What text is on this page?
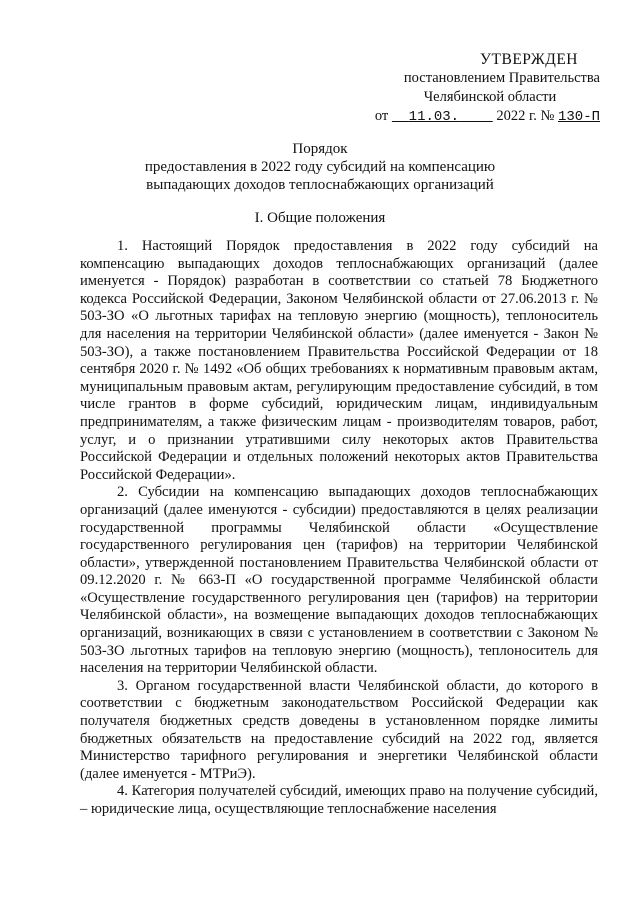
УТВЕРЖДЕН
постановлением Правительства
Челябинской области
от 11.03.	2022 г. № 130-П
Порядок
предоставления в 2022 году субсидий на компенсацию
выпадающих доходов теплоснабжающих организаций
I. Общие положения

1. Настоящий Порядок предоставления в 2022 году субсидий на компенсацию выпадающих доходов теплоснабжающих организаций (далее именуется - Порядок) разработан в соответствии со статьей 78 Бюджетного кодекса Российской Федерации, Законом Челябинской области от 27.06.2013 г. № 503-ЗО «О льготных тарифах на тепловую энергию (мощность), теплоноситель для населения на территории Челябинской области» (далее именуется - Закон № 503-ЗО), а также постановлением Правительства Российской Федерации от 18 сентября 2020 г. № 1492 «Об общих требованиях к нормативным правовым актам, муниципальным правовым актам, регулирующим предоставление субсидий, в том числе грантов в форме субсидий, юридическим лицам, индивидуальным предпринимателям, а также физическим лицам - производителям товаров, работ, услуг, и о признании утратившими силу некоторых актов Правительства Российской Федерации и отдельных положений некоторых актов Правительства Российской Федерации».

2. Субсидии на компенсацию выпадающих доходов теплоснабжающих организаций (далее именуются - субсидии) предоставляются в целях реализации государственной программы Челябинской области «Осуществление государственного регулирования цен (тарифов) на территории Челябинской области», утвержденной постановлением Правительства Челябинской области от 09.12.2020 г. № 663-П «О государственной программе Челябинской области «Осуществление государственного регулирования цен (тарифов) на территории Челябинской области», на возмещение выпадающих доходов теплоснабжающих организаций, возникающих в связи с установлением в соответствии с Законом № 503-ЗО льготных тарифов на тепловую энергию (мощность), теплоноситель для населения на территории Челябинской области.

3. Органом государственной власти Челябинской области, до которого в соответствии с бюджетным законодательством Российской Федерации как получателя бюджетных средств доведены в установленном порядке лимиты бюджетных обязательств на предоставление субсидий на 2022 год, является Министерство тарифного регулирования и энергетики Челябинской области (далее именуется - МТРиЭ).

4. Категория получателей субсидий, имеющих право на получение субсидий, – юридические лица, осуществляющие теплоснабжение населения
